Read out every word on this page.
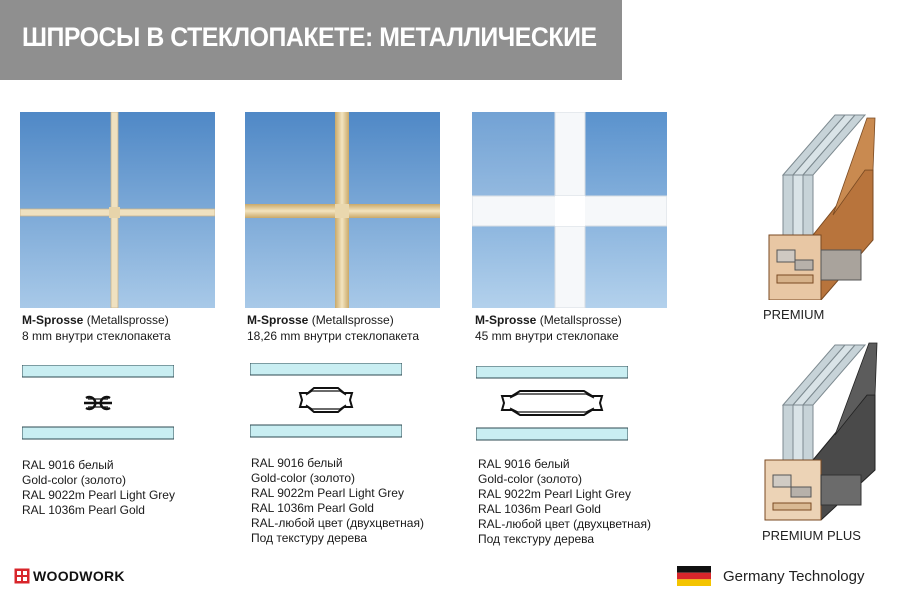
ШПРОСЫ В СТЕКЛОПАКЕТЕ: МЕТАЛЛИЧЕСКИЕ
M-Sprosse (Metallsprosse)
8 mm внутри стеклопакета
RAL 9016 белый
Gold-color (золото)
RAL 9022m Pearl Light Grey
RAL 1036m Pearl Gold
M-Sprosse (Metallsprosse)
18,26 mm внутри стеклопакета
RAL 9016 белый
Gold-color (золото)
RAL 9022m Pearl Light Grey
RAL 1036m Pearl Gold
RAL-любой цвет (двухцветная)
Под текстуру дерева
M-Sprosse (Metallsprosse)
45 mm внутри стеклопаке
RAL 9016 белый
Gold-color (золото)
RAL 9022m Pearl Light Grey
RAL 1036m Pearl Gold
RAL-любой цвет (двухцветная)
Под текстуру дерева
PREMIUM
PREMIUM PLUS
WOODWORK	Germany Technology
